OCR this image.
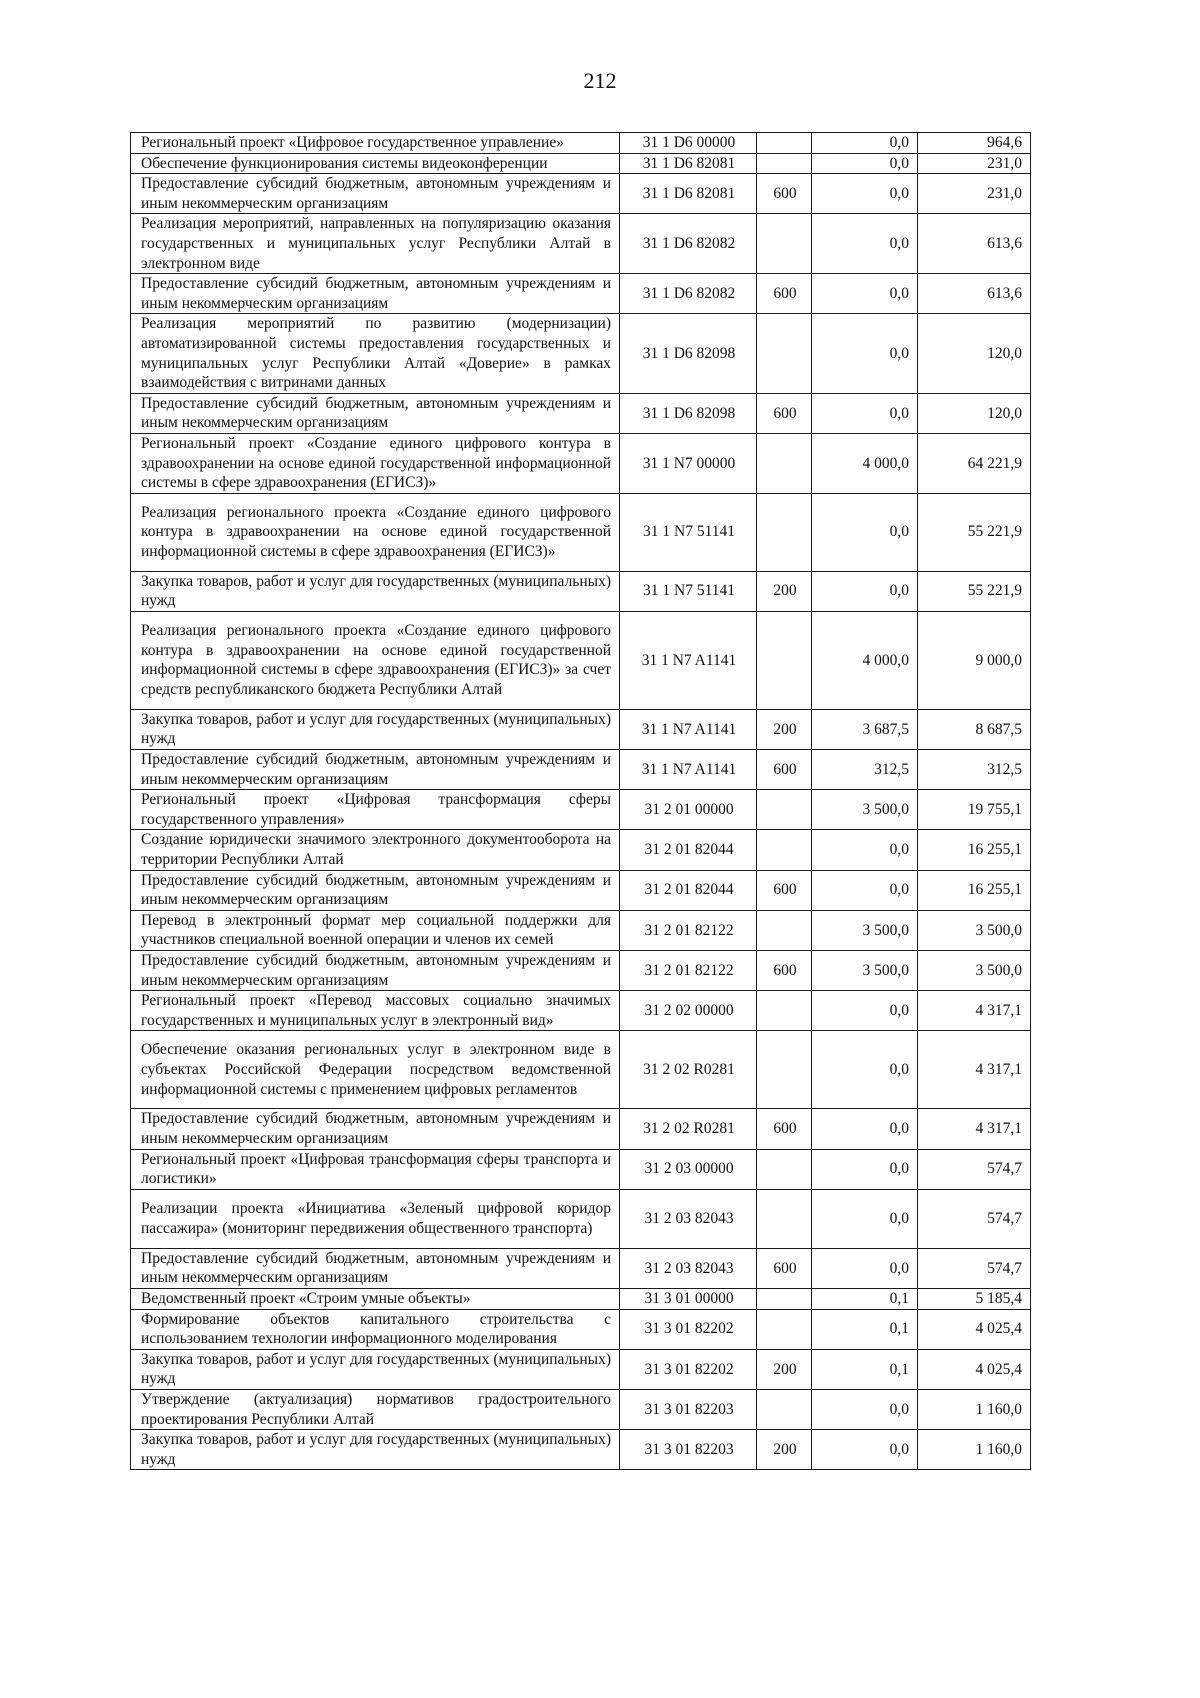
212
Региональный проект «Цифровое государственное управление»	31 1 D6 00000		0,0	964,6
Обеспечение функционирования системы видеоконференции	31 1 D6 82081		0,0	231,0
Предоставление субсидий бюджетным, автономным учреждениям и иным некоммерческим организациям	31 1 D6 82081	600	0,0	231,0
Реализация мероприятий, направленных на популяризацию оказания государственных и муниципальных услуг Республики Алтай в электронном виде	31 1 D6 82082		0,0	613,6
Предоставление субсидий бюджетным, автономным учреждениям и иным некоммерческим организациям	31 1 D6 82082	600	0,0	613,6
Реализация мероприятий по развитию (модернизации) автоматизированной системы предоставления государственных и муниципальных услуг Республики Алтай «Доверие» в рамках взаимодействия с витринами данных	31 1 D6 82098		0,0	120,0
Предоставление субсидий бюджетным, автономным учреждениям и иным некоммерческим организациям	31 1 D6 82098	600	0,0	120,0
Региональный проект «Создание единого цифрового контура в здравоохранении на основе единой государственной информационной системы в сфере здравоохранения (ЕГИСЗ)»	31 1 N7 00000		4 000,0	64 221,9
Реализация регионального проекта «Создание единого цифрового контура в здравоохранении на основе единой государственной информационной системы в сфере здравоохранения (ЕГИСЗ)»	31 1 N7 51141		0,0	55 221,9
Закупка товаров, работ и услуг для государственных (муниципальных) нужд	31 1 N7 51141	200	0,0	55 221,9
Реализация регионального проекта «Создание единого цифрового контура в здравоохранении на основе единой государственной информационной системы в сфере здравоохранения (ЕГИСЗ)» за счет средств республиканского бюджета Республики Алтай	31 1 N7 A1141		4 000,0	9 000,0
Закупка товаров, работ и услуг для государственных (муниципальных) нужд	31 1 N7 A1141	200	3 687,5	8 687,5
Предоставление субсидий бюджетным, автономным учреждениям и иным некоммерческим организациям	31 1 N7 A1141	600	312,5	312,5
Региональный проект «Цифровая трансформация сферы государственного управления»	31 2 01 00000		3 500,0	19 755,1
Создание юридически значимого электронного документооборота на территории Республики Алтай	31 2 01 82044		0,0	16 255,1
Предоставление субсидий бюджетным, автономным учреждениям и иным некоммерческим организациям	31 2 01 82044	600	0,0	16 255,1
Перевод в электронный формат мер социальной поддержки для участников специальной военной операции и членов их семей	31 2 01 82122		3 500,0	3 500,0
Предоставление субсидий бюджетным, автономным учреждениям и иным некоммерческим организациям	31 2 01 82122	600	3 500,0	3 500,0
Региональный проект «Перевод массовых социально значимых государственных и муниципальных услуг в электронный вид»	31 2 02 00000		0,0	4 317,1
Обеспечение оказания региональных услуг в электронном виде в субъектах Российской Федерации посредством ведомственной информационной системы с применением цифровых регламентов	31 2 02 R0281		0,0	4 317,1
Предоставление субсидий бюджетным, автономным учреждениям и иным некоммерческим организациям	31 2 02 R0281	600	0,0	4 317,1
Региональный проект «Цифровая трансформация сферы транспорта и логистики»	31 2 03 00000		0,0	574,7
Реализации проекта «Инициатива «Зеленый цифровой коридор пассажира» (мониторинг передвижения общественного транспорта)	31 2 03 82043		0,0	574,7
Предоставление субсидий бюджетным, автономным учреждениям и иным некоммерческим организациям	31 2 03 82043	600	0,0	574,7
Ведомственный проект «Строим умные объекты»	31 3 01 00000		0,1	5 185,4
Формирование объектов капитального строительства с использованием технологии информационного моделирования	31 3 01 82202		0,1	4 025,4
Закупка товаров, работ и услуг для государственных (муниципальных) нужд	31 3 01 82202	200	0,1	4 025,4
Утверждение (актуализация) нормативов градостроительного проектирования Республики Алтай	31 3 01 82203		0,0	1 160,0
Закупка товаров, работ и услуг для государственных (муниципальных) нужд	31 3 01 82203	200	0,0	1 160,0
